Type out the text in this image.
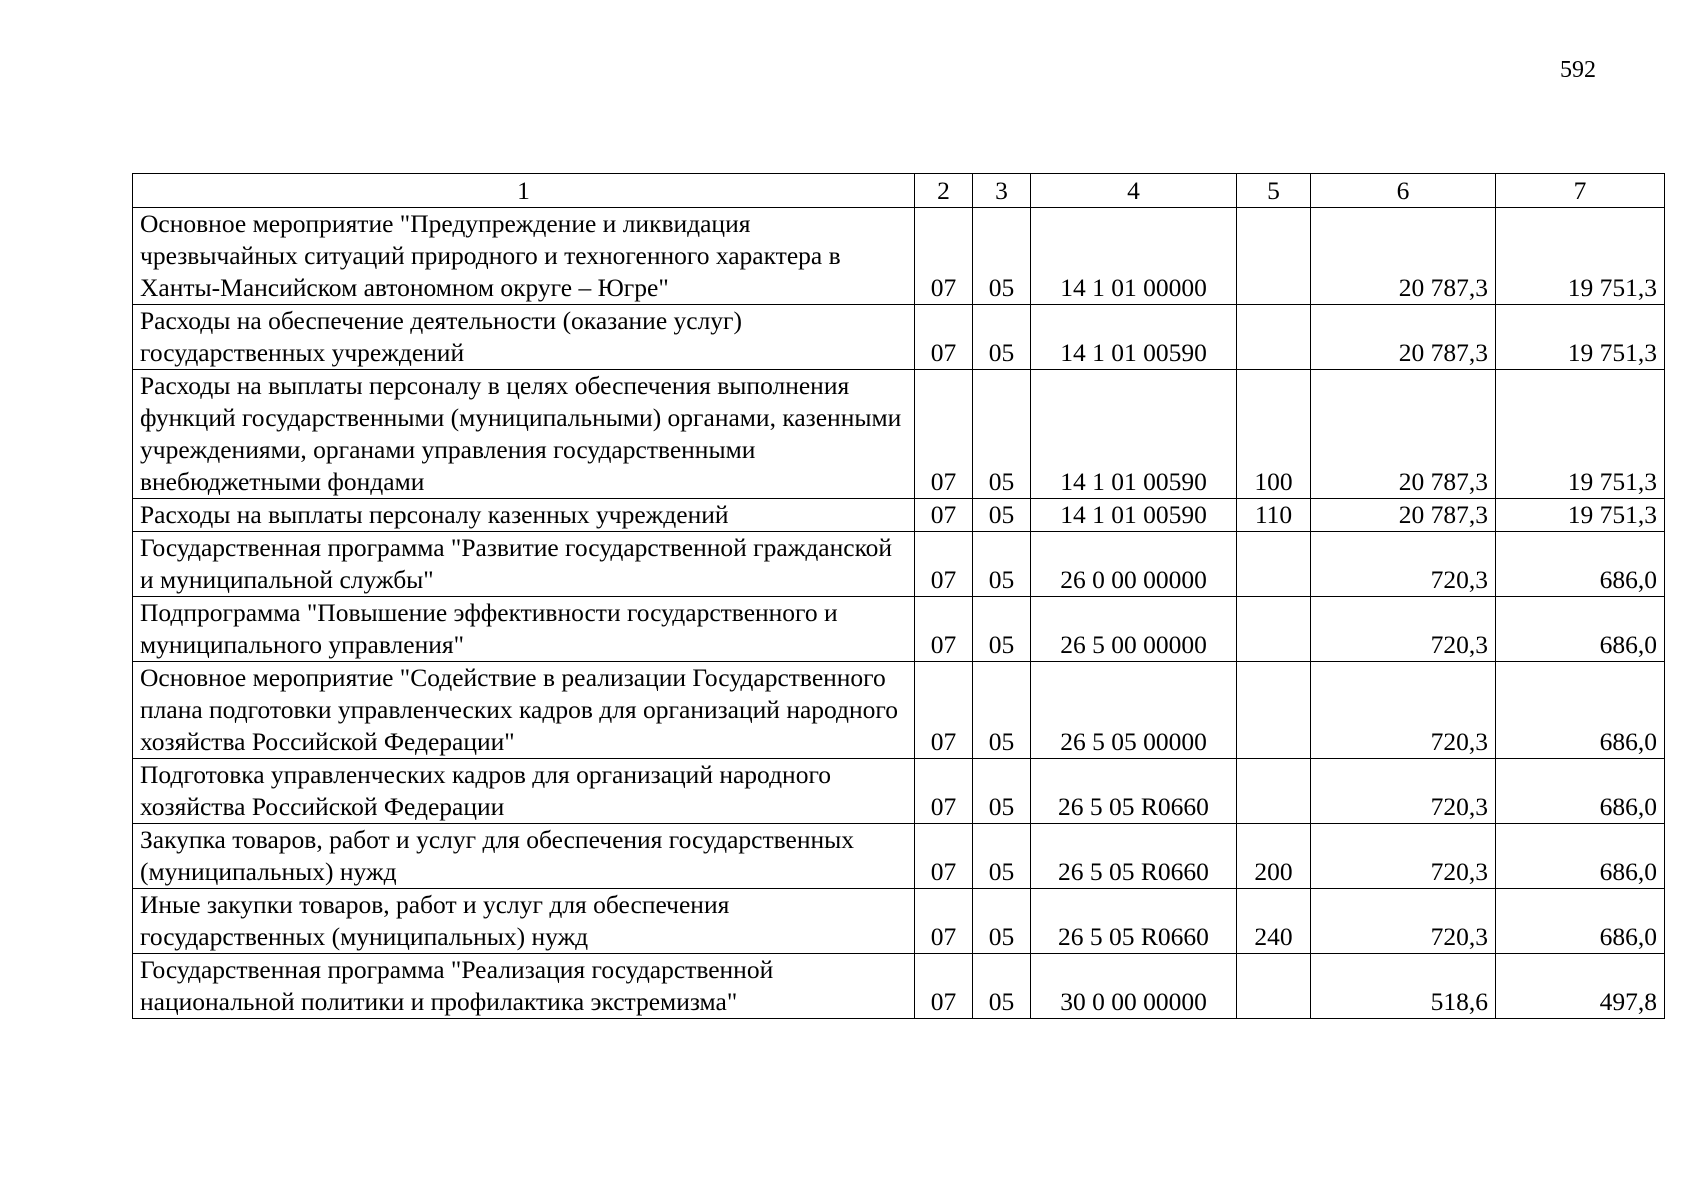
592
1	2	3	4	5	6	7
Основное мероприятие "Предупреждение и ликвидация чрезвычайных ситуаций природного и техногенного характера в Ханты-Мансийском автономном округе – Югре"	07	05	14 1 01 00000		20 787,3	19 751,3
Расходы на обеспечение деятельности (оказание услуг) государственных учреждений	07	05	14 1 01 00590		20 787,3	19 751,3
Расходы на выплаты персоналу в целях обеспечения выполнения функций государственными (муниципальными) органами, казенными учреждениями, органами управления государственными внебюджетными фондами	07	05	14 1 01 00590	100	20 787,3	19 751,3
Расходы на выплаты персоналу казенных учреждений	07	05	14 1 01 00590	110	20 787,3	19 751,3
Государственная программа "Развитие государственной гражданской и муниципальной службы"	07	05	26 0 00 00000		720,3	686,0
Подпрограмма "Повышение эффективности государственного и муниципального управления"	07	05	26 5 00 00000		720,3	686,0
Основное мероприятие "Содействие в реализации Государственного плана подготовки управленческих кадров для организаций народного хозяйства Российской Федерации"	07	05	26 5 05 00000		720,3	686,0
Подготовка управленческих кадров для организаций народного хозяйства Российской Федерации	07	05	26 5 05 R0660		720,3	686,0
Закупка товаров, работ и услуг для обеспечения государственных (муниципальных) нужд	07	05	26 5 05 R0660	200	720,3	686,0
Иные закупки товаров, работ и услуг для обеспечения государственных (муниципальных) нужд	07	05	26 5 05 R0660	240	720,3	686,0
Государственная программа "Реализация государственной национальной политики и профилактика экстремизма"	07	05	30 0 00 00000		518,6	497,8
